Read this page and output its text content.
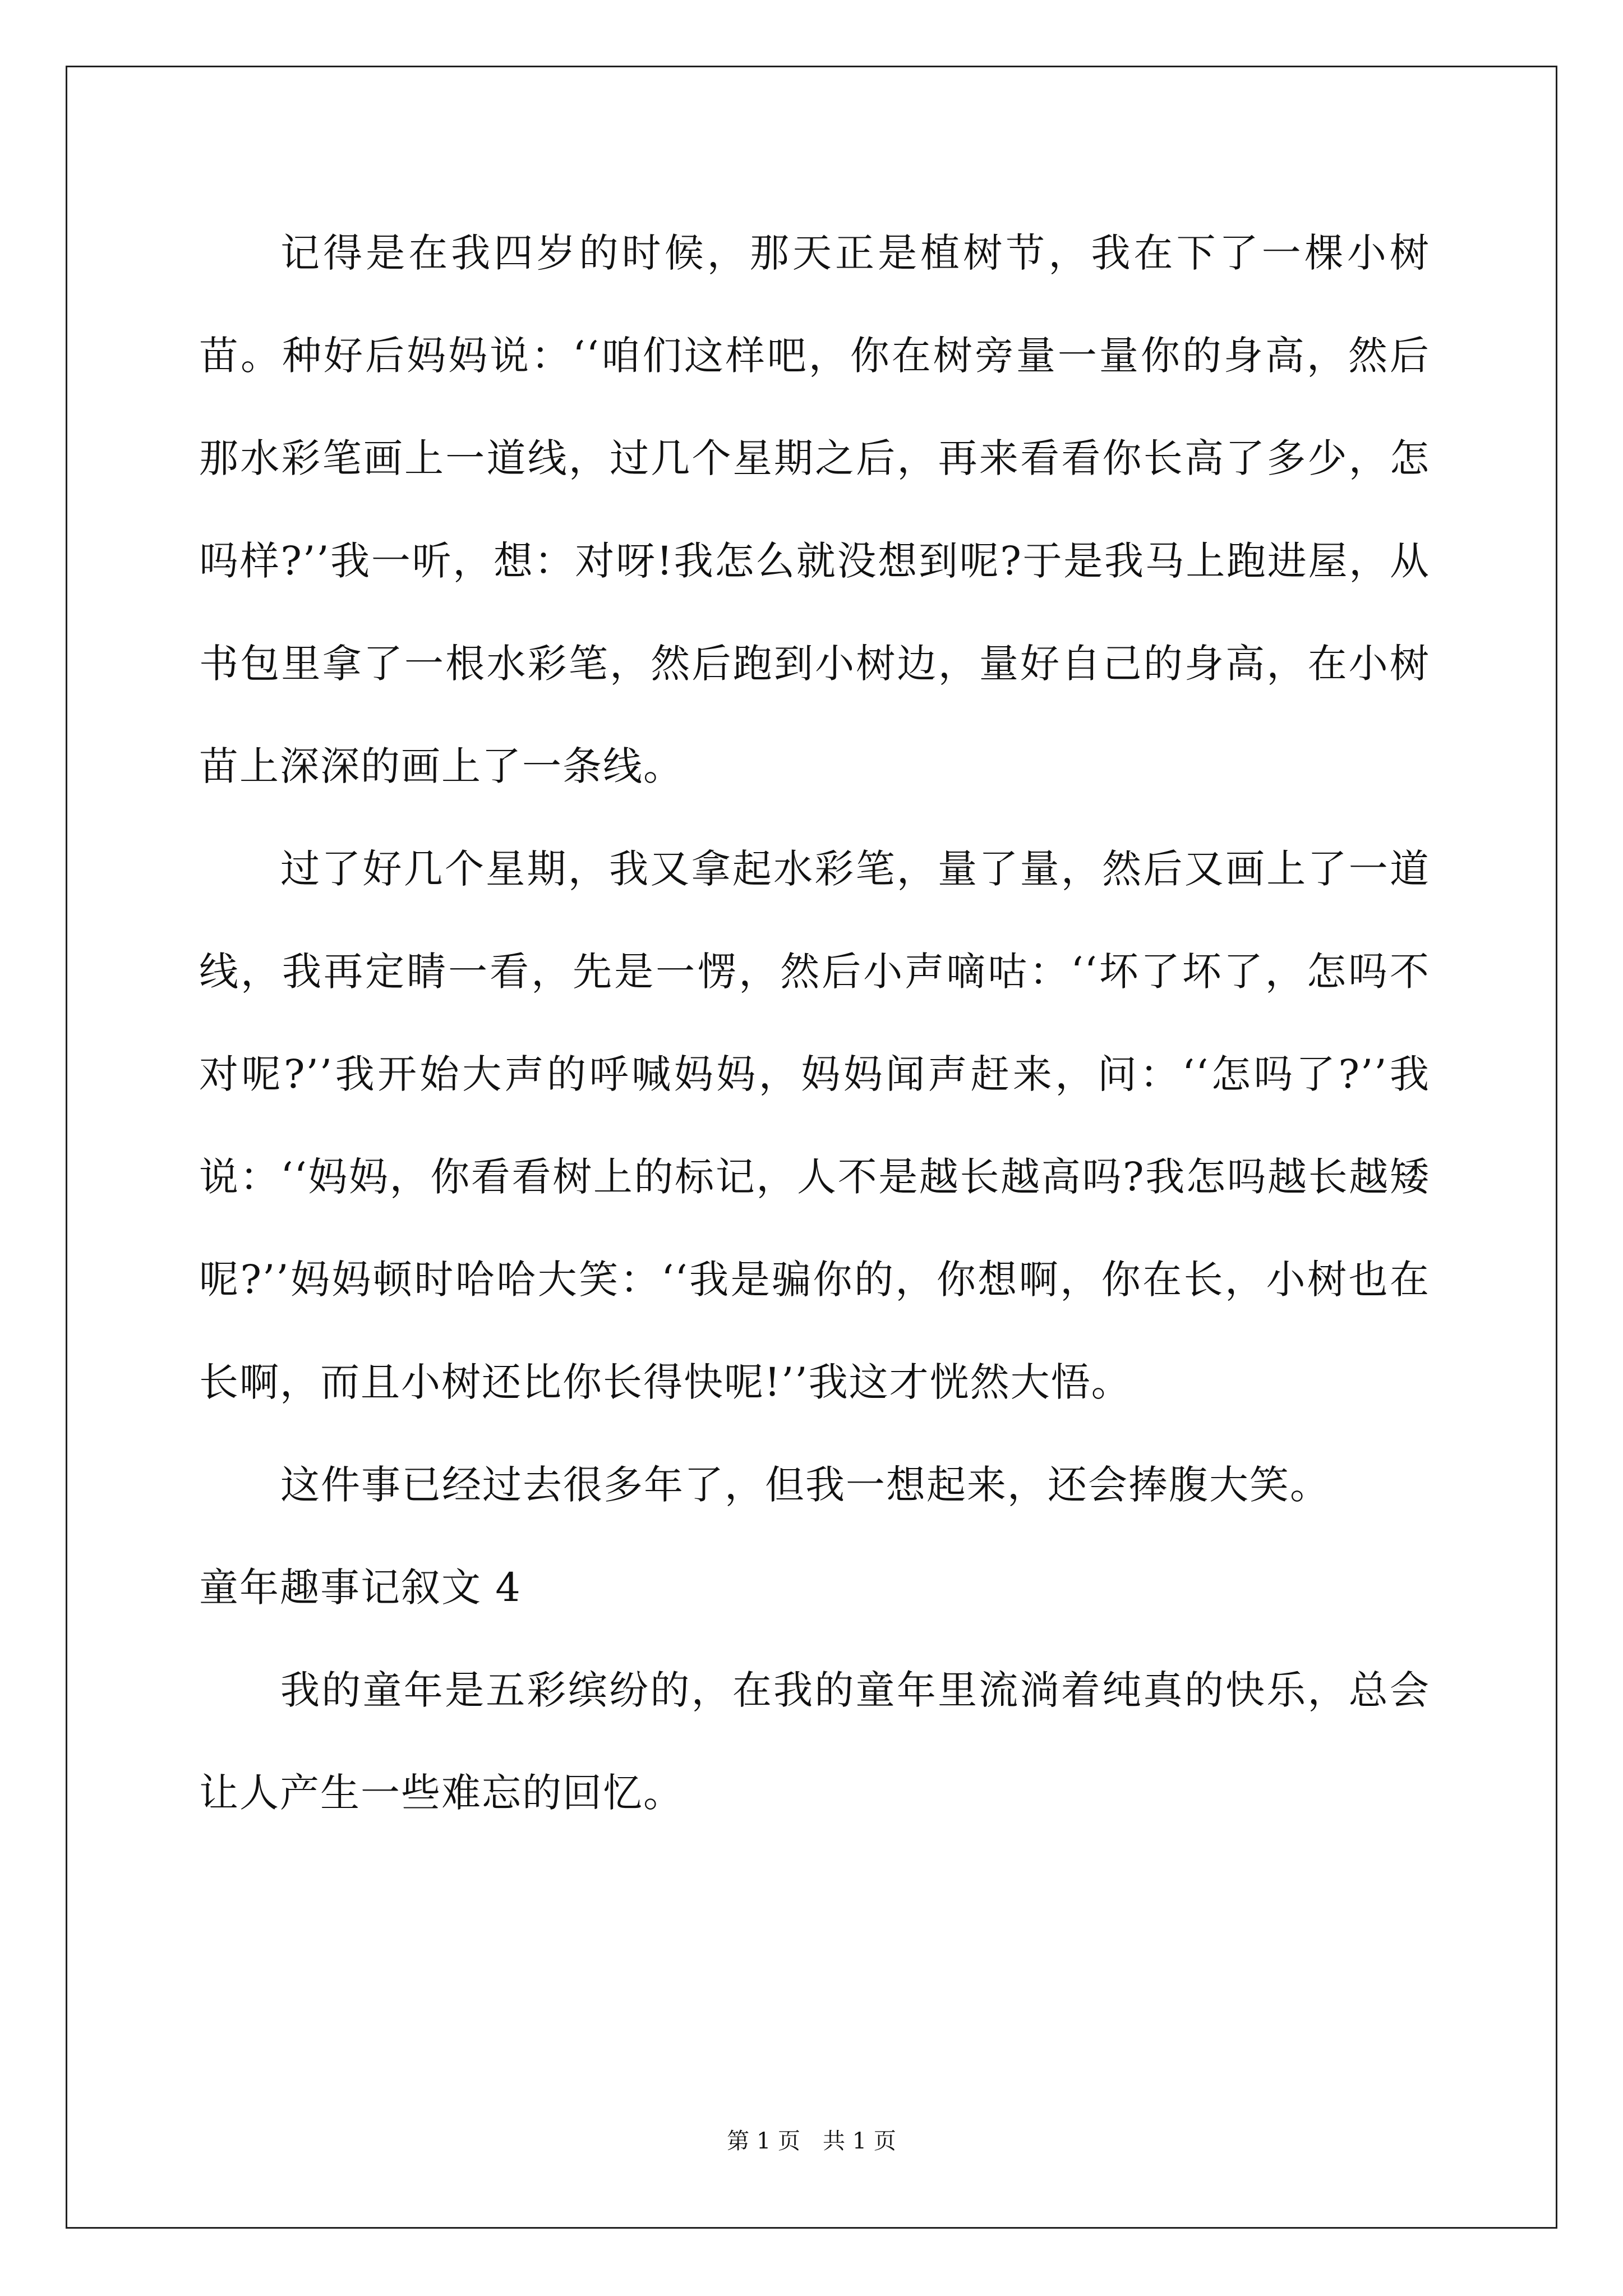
记得是在我四岁的时候，那天正是植树节，我在下了一棵小树苗。种好后妈妈说：‘‘咱们这样吧，你在树旁量一量你的身高，然后那水彩笔画上一道线，过几个星期之后，再来看看你长高了多少，怎吗样?’’我一听，想：对呀!我怎么就没想到呢?于是我马上跑进屋，从书包里拿了一根水彩笔，然后跑到小树边，量好自己的身高，在小树苗上深深的画上了一条线。

过了好几个星期，我又拿起水彩笔，量了量，然后又画上了一道线，我再定睛一看，先是一愣，然后小声嘀咕：‘‘坏了坏了，怎吗不对呢?’’我开始大声的呼喊妈妈，妈妈闻声赶来，问：‘‘怎吗了?’’我说：‘‘妈妈，你看看树上的标记，人不是越长越高吗?我怎吗越长越矮呢?’’妈妈顿时哈哈大笑：‘‘我是骗你的，你想啊，你在长，小树也在长啊，而且小树还比你长得快呢!’’我这才恍然大悟。

这件事已经过去很多年了，但我一想起来，还会捧腹大笑。

童年趣事记叙文 4

我的童年是五彩缤纷的，在我的童年里流淌着纯真的快乐，总会让人产生一些难忘的回忆。

第 1 页　共 1 页
